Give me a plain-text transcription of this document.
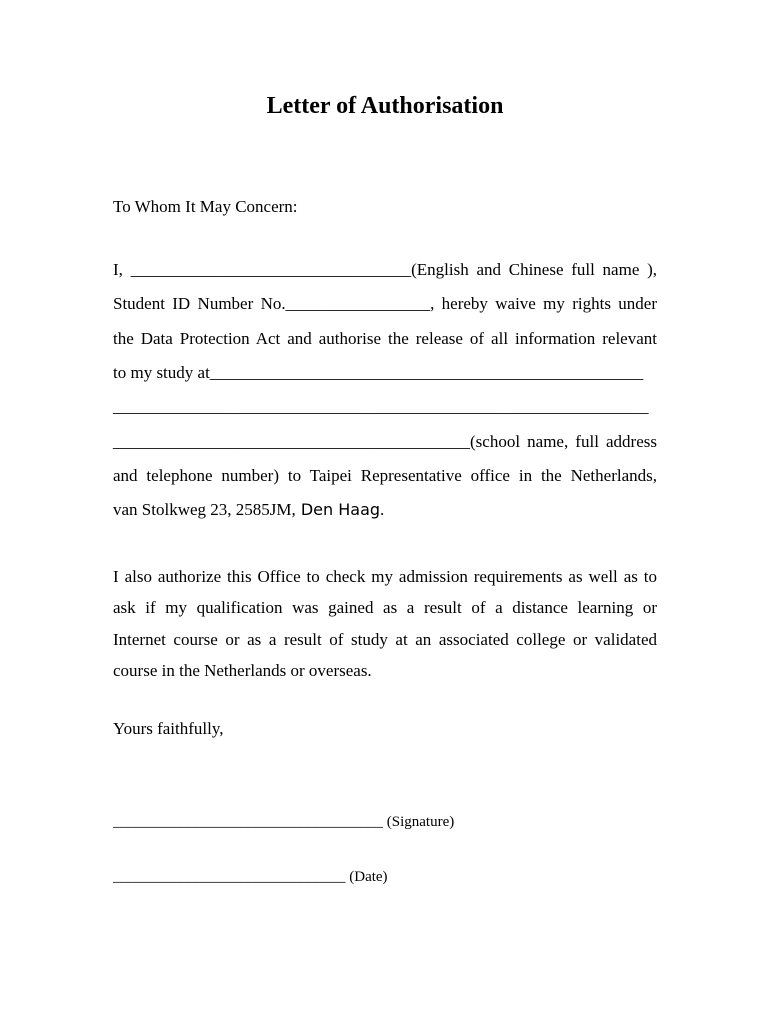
Letter of Authorisation
To Whom It May Concern:
I, _________________________________(English and Chinese full name ),
Student ID Number No._________________, hereby waive my rights under
the Data Protection Act and authorise the release of all information relevant
to my study at___________________________________________________
_______________________________________________________________
__________________________________________(school name, full address
and telephone number) to Taipei Representative office in the Netherlands,
van Stolkweg 23, 2585JM, Den Haag.
I also authorize this Office to check my admission requirements as well as to
ask if my qualification was gained as a result of a distance learning or
Internet course or as a result of study at an associated college or validated
course in the Netherlands or overseas.
Yours faithfully,
____________________________________ (Signature)
_______________________________ (Date)
